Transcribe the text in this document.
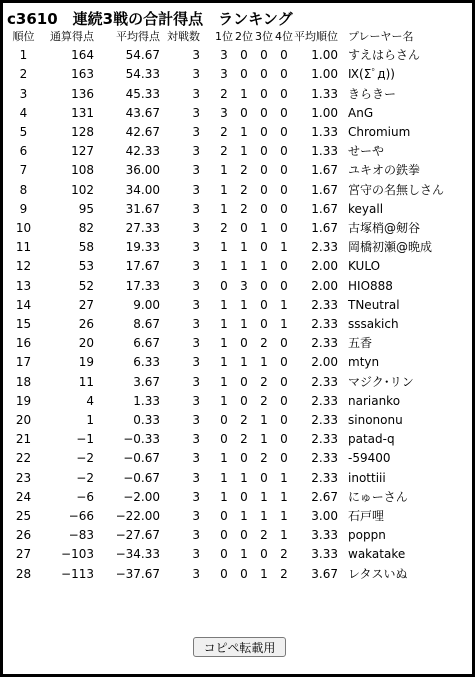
c3610　連続3戦の合計得点　ランキング
順位	通算得点	平均得点	対戦数	1位	2位	3位	4位	平均順位	プレーヤー名
1	164	54.67	3	3	0	0	0	1.00	すえはらさん
2	163	54.33	3	3	0	0	0	1.00	Ⅸ(Σﾟд))
3	136	45.33	3	2	1	0	0	1.33	きらきー
4	131	43.67	3	3	0	0	0	1.00	AnG
5	128	42.67	3	2	1	0	0	1.33	Chromium
6	127	42.33	3	2	1	0	0	1.33	せーや
7	108	36.00	3	1	2	0	0	1.67	ユキオの鉄拳
8	102	34.00	3	1	2	0	0	1.67	宮守の名無しさん
9	95	31.67	3	1	2	0	0	1.67	keyall
10	82	27.33	3	2	0	1	0	1.67	古塚梢@剱谷
11	58	19.33	3	1	1	0	1	2.33	岡橋初瀬@晩成
12	53	17.67	3	1	1	1	0	2.00	KULO
13	52	17.33	3	0	3	0	0	2.00	HIO888
14	27	9.00	3	1	1	0	1	2.33	TNeutral
15	26	8.67	3	1	1	0	1	2.33	sssakich
16	20	6.67	3	1	0	2	0	2.33	五香
17	19	6.33	3	1	1	1	0	2.00	mtyn
18	11	3.67	3	1	0	2	0	2.33	マジク･リン
19	4	1.33	3	1	0	2	0	2.33	narianko
20	1	0.33	3	0	2	1	0	2.33	sinononu
21	−1	−0.33	3	0	2	1	0	2.33	patad-q
22	−2	−0.67	3	1	0	2	0	2.33	-59400
23	−2	−0.67	3	1	1	0	1	2.33	inottiii
24	−6	−2.00	3	1	0	1	1	2.67	にゅーさん
25	−66	−22.00	3	0	1	1	1	3.00	石戸哩
26	−83	−27.67	3	0	0	2	1	3.33	poppn
27	−103	−34.33	3	0	1	0	2	3.33	wakatake
28	−113	−37.67	3	0	0	1	2	3.67	レタスいぬ
コピペ転載用
